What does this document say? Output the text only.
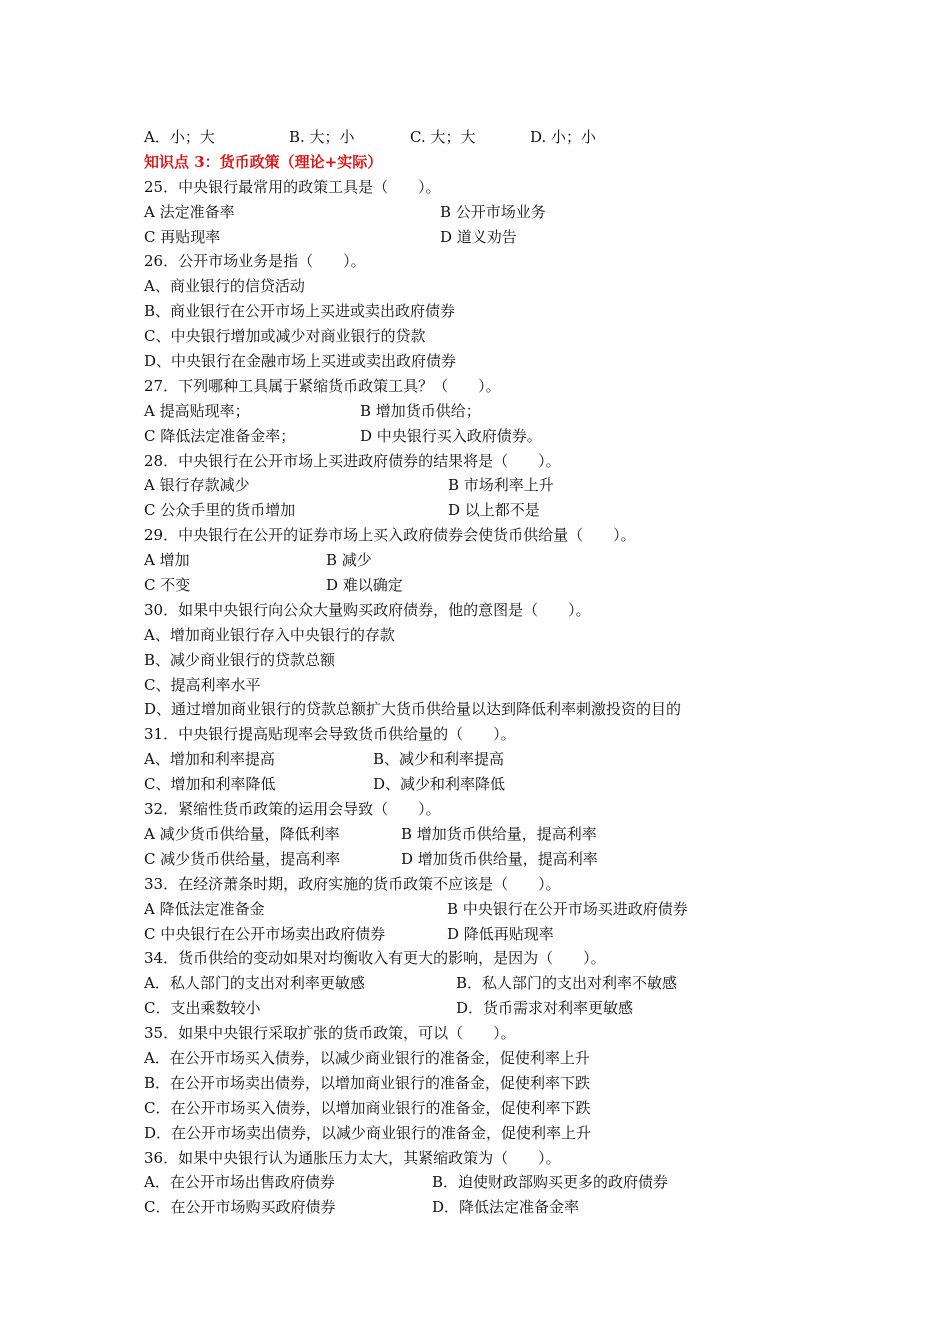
A．小；大	B. 大；小	C. 大；大	D. 小；小
知识点 3：货币政策（理论+实际）
25．中央银行最常用的政策工具是（　　）。
A 法定准备率	B 公开市场业务
C 再贴现率	D 道义劝告
26．公开市场业务是指（　　）。
A、商业银行的信贷活动
B、商业银行在公开市场上买进或卖出政府债券
C、中央银行增加或减少对商业银行的贷款
D、中央银行在金融市场上买进或卖出政府债券
27．下列哪种工具属于紧缩货币政策工具？（　　）。
A 提高贴现率；	B 增加货币供给；
C 降低法定准备金率；	D 中央银行买入政府债券。
28．中央银行在公开市场上买进政府债券的结果将是（　　）。
A 银行存款减少	B 市场利率上升
C 公众手里的货币增加	D 以上都不是
29．中央银行在公开的证券市场上买入政府债券会使货币供给量（　　）。
A 增加	B 减少
C 不变	D 难以确定
30．如果中央银行向公众大量购买政府债券，他的意图是（　　）。
A、增加商业银行存入中央银行的存款
B、减少商业银行的贷款总额
C、提高利率水平
D、通过增加商业银行的贷款总额扩大货币供给量以达到降低利率刺激投资的目的
31．中央银行提高贴现率会导致货币供给量的（　　）。
A、增加和利率提高	B、减少和利率提高
C、增加和利率降低	D、减少和利率降低
32．紧缩性货币政策的运用会导致（　　）。
A 减少货币供给量，降低利率	B 增加货币供给量，提高利率
C 减少货币供给量，提高利率	D 增加货币供给量，提高利率
33．在经济萧条时期，政府实施的货币政策不应该是（　　）。
A 降低法定准备金	B 中央银行在公开市场买进政府债券
C 中央银行在公开市场卖出政府债券	D 降低再贴现率
34．货币供给的变动如果对均衡收入有更大的影响，是因为（　　）。
A．私人部门的支出对利率更敏感	B．私人部门的支出对利率不敏感
C．支出乘数较小	D．货币需求对利率更敏感
35．如果中央银行采取扩张的货币政策，可以（　　）。
A．在公开市场买入债券，以减少商业银行的准备金，促使利率上升
B．在公开市场卖出债券，以增加商业银行的准备金，促使利率下跌
C．在公开市场买入债券，以增加商业银行的准备金，促使利率下跌
D．在公开市场卖出债券，以减少商业银行的准备金，促使利率上升
36．如果中央银行认为通胀压力太大，其紧缩政策为（　　）。
A．在公开市场出售政府债券	B．迫使财政部购买更多的政府债券
C．在公开市场购买政府债券	D．降低法定准备金率
